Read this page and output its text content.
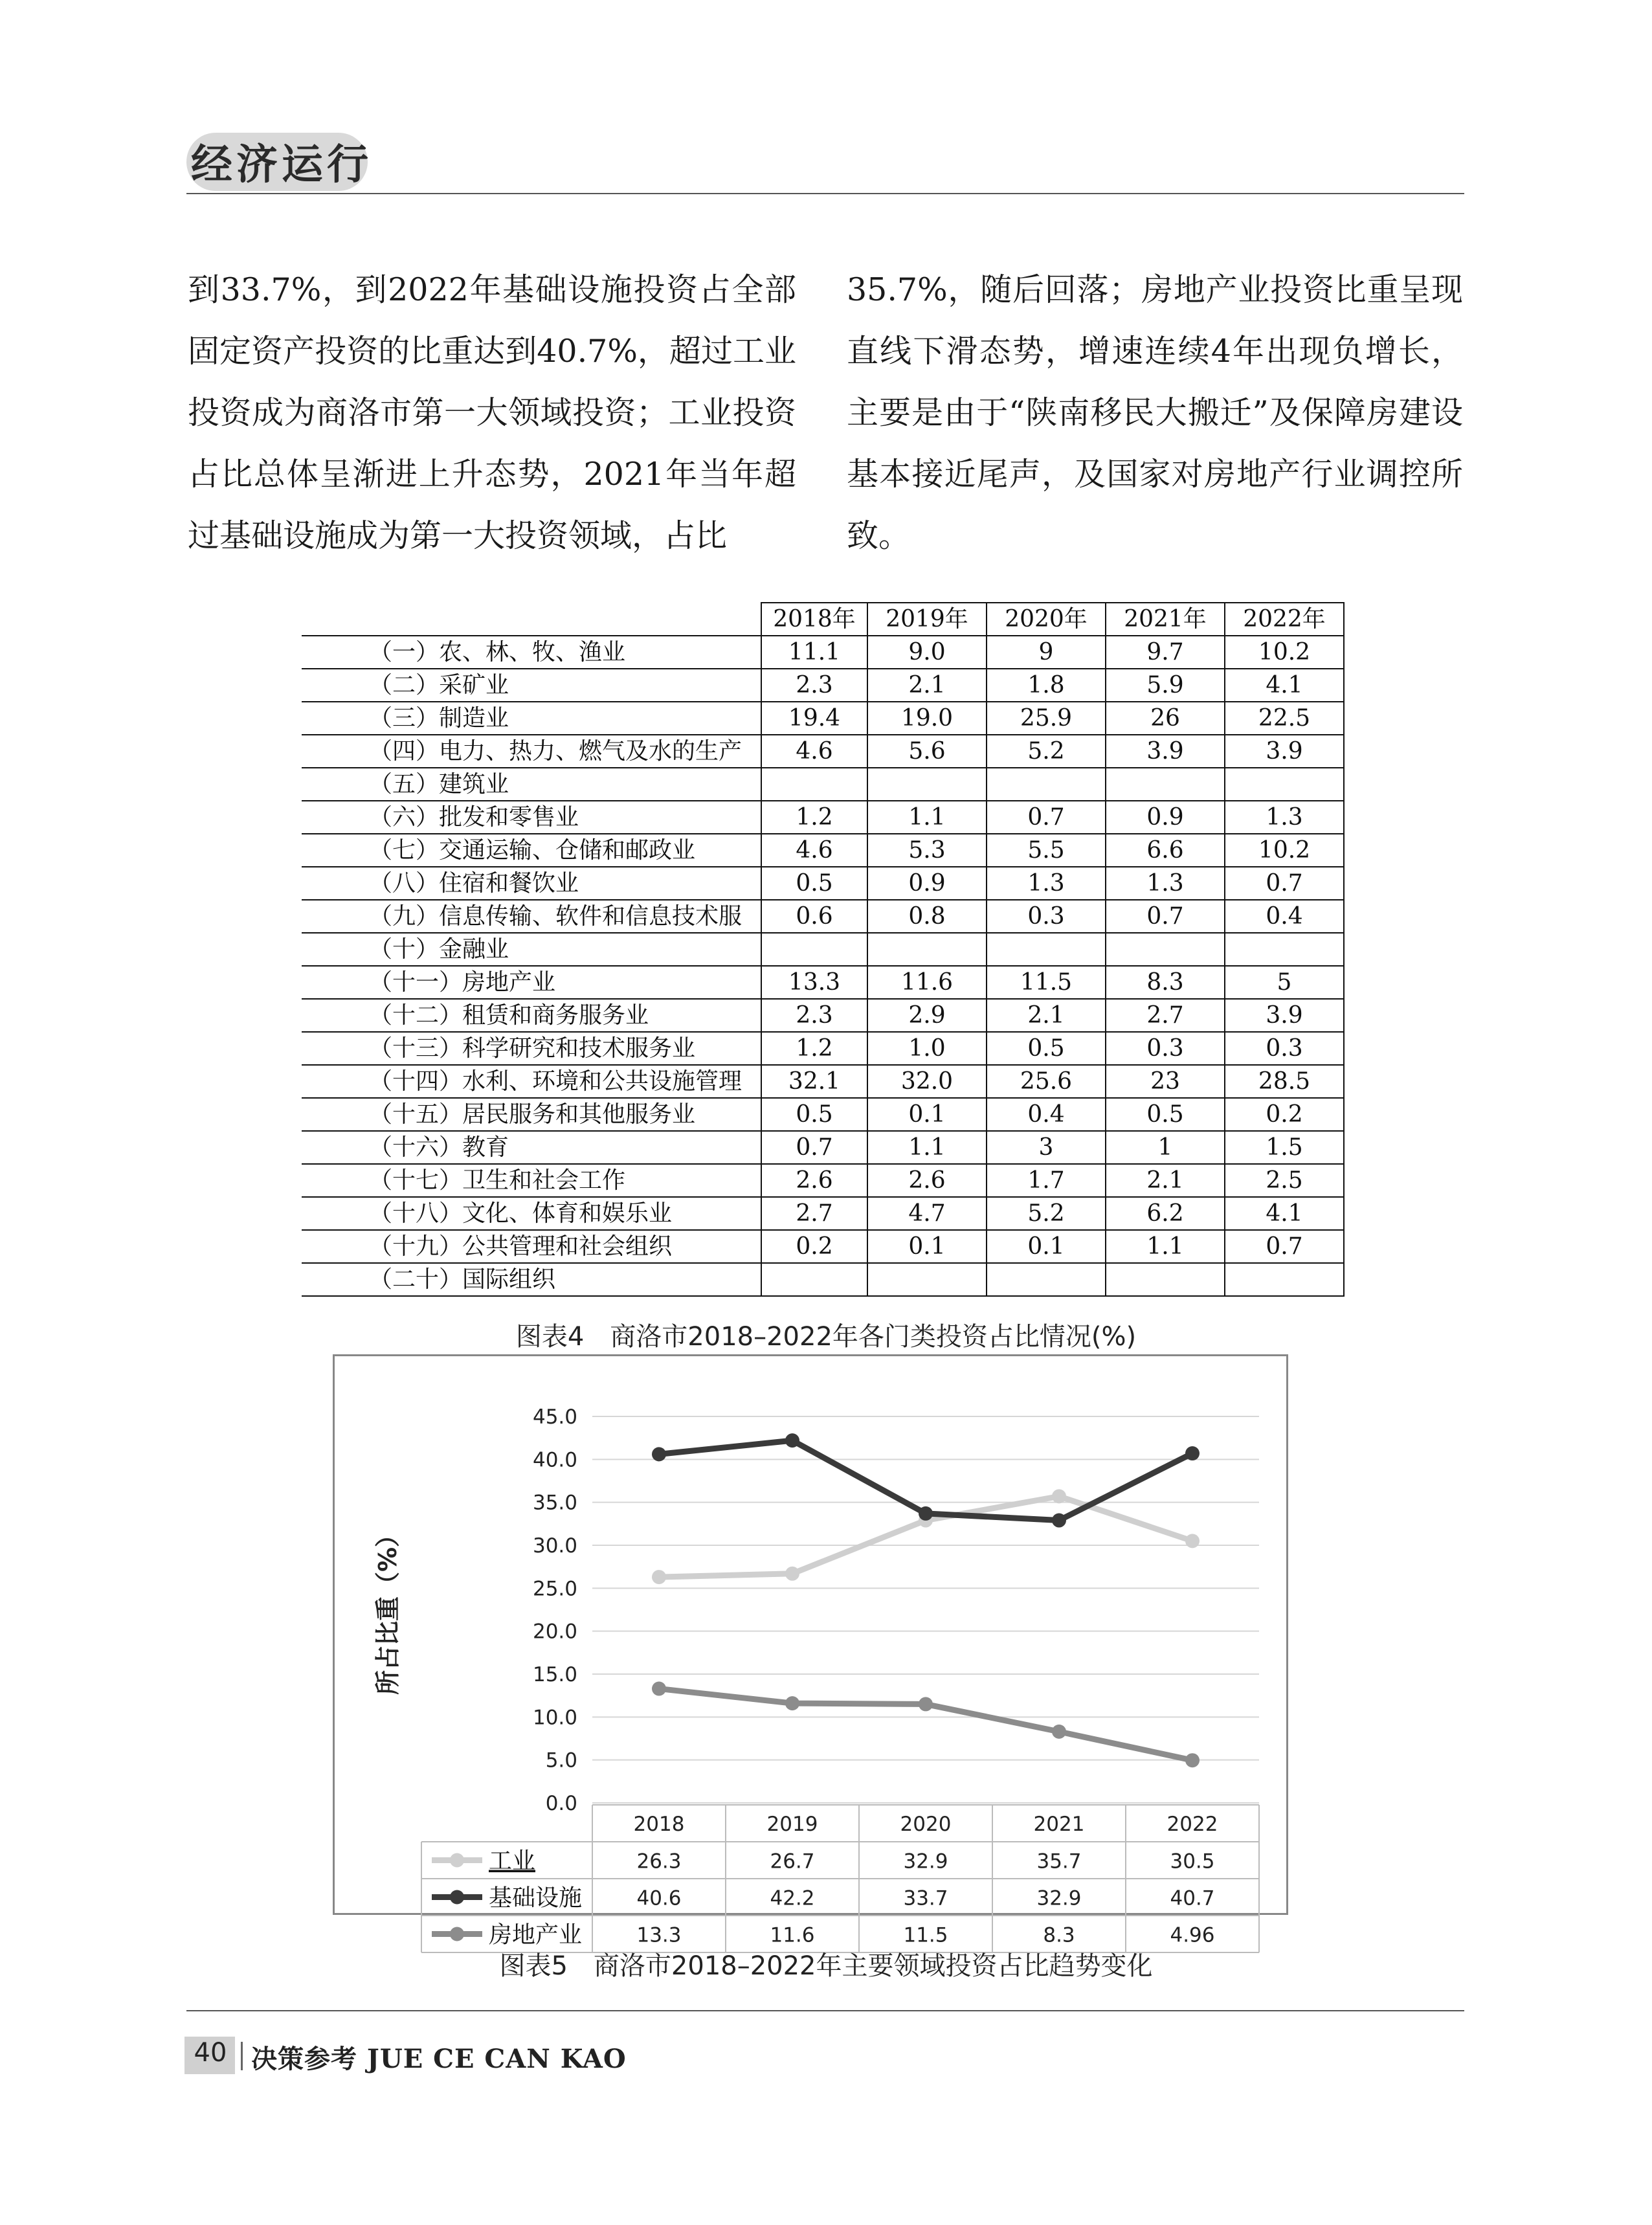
经济运行
到33.7%，到2022年基础设施投资占全部固定资产投资的比重达到40.7%，超过工业投资成为商洛市第一大领域投资；工业投资占比总体呈渐进上升态势，2021年当年超过基础设施成为第一大投资领域，占比
35.7%，随后回落；房地产业投资比重呈现直线下滑态势，增速连续4年出现负增长，主要是由于“陕南移民大搬迁”及保障房建设基本接近尾声，及国家对房地产行业调控所致。
	2018年	2019年	2020年	2021年	2022年
（一）农、林、牧、渔业	11.1	9.0	9	9.7	10.2
（二）采矿业	2.3	2.1	1.8	5.9	4.1
（三）制造业	19.4	19.0	25.9	26	22.5
（四）电力、热力、燃气及水的生产	4.6	5.6	5.2	3.9	3.9
（五）建筑业					
（六）批发和零售业	1.2	1.1	0.7	0.9	1.3
（七）交通运输、仓储和邮政业	4.6	5.3	5.5	6.6	10.2
（八）住宿和餐饮业	0.5	0.9	1.3	1.3	0.7
（九）信息传输、软件和信息技术服	0.6	0.8	0.3	0.7	0.4
（十）金融业					
（十一）房地产业	13.3	11.6	11.5	8.3	5
（十二）租赁和商务服务业	2.3	2.9	2.1	2.7	3.9
（十三）科学研究和技术服务业	1.2	1.0	0.5	0.3	0.3
（十四）水利、环境和公共设施管理	32.1	32.0	25.6	23	28.5
（十五）居民服务和其他服务业	0.5	0.1	0.4	0.5	0.2
（十六）教育	0.7	1.1	3	1	1.5
（十七）卫生和社会工作	2.6	2.6	1.7	2.1	2.5
（十八）文化、体育和娱乐业	2.7	4.7	5.2	6.2	4.1
（十九）公共管理和社会组织	0.2	0.1	0.1	1.1	0.7
（二十）国际组织					
图表4　商洛市2018–2022年各门类投资占比情况(%)
45.0
40.0
35.0
30.0
25.0
20.0
15.0
10.0
5.0
0.0
所占比重（%）
2018	2019	2020	2021	2022
工业	26.3	26.7	32.9	35.7	30.5
基础设施	40.6	42.2	33.7	32.9	40.7
房地产业	13.3	11.6	11.5	8.3	4.96
图表5　商洛市2018–2022年主要领域投资占比趋势变化
40 决策参考 JUE CE CAN KAO
